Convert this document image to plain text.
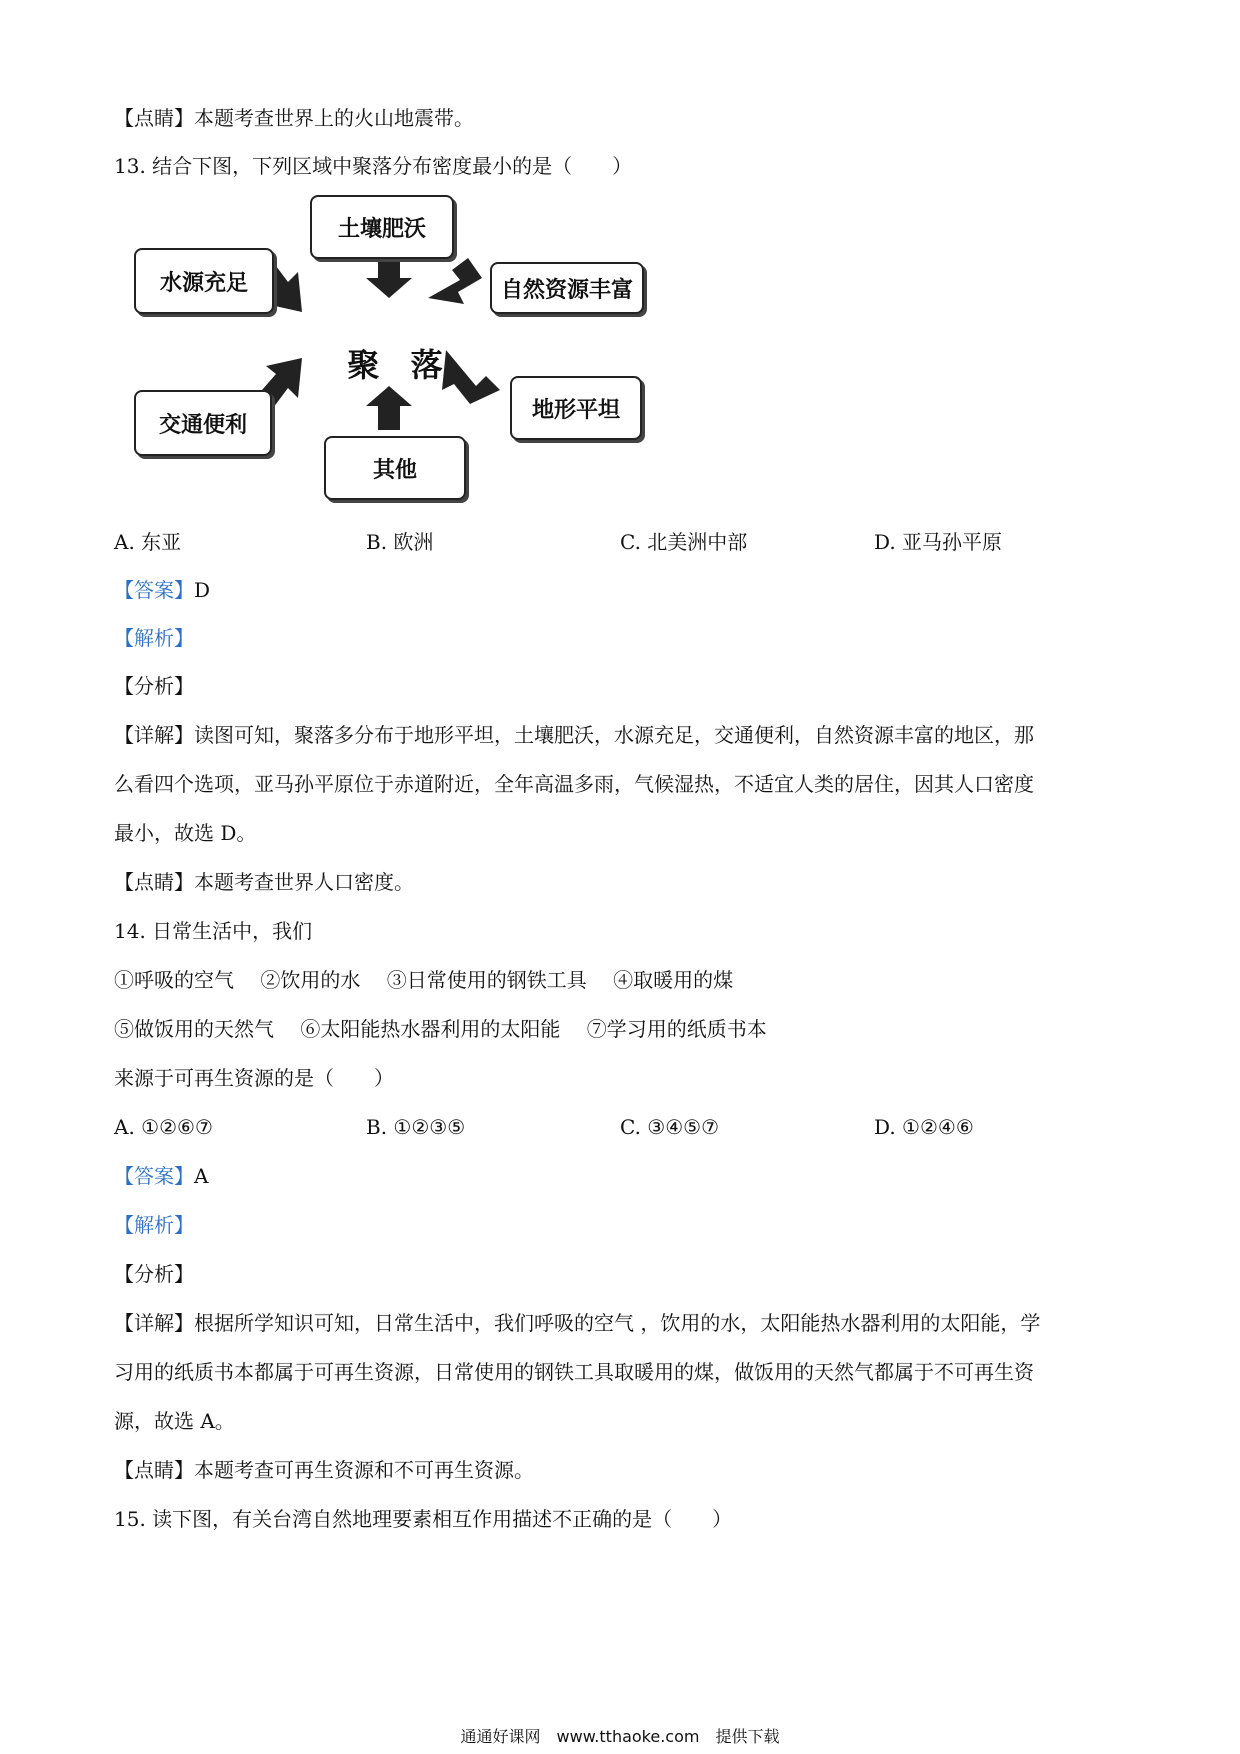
【点睛】本题考查世界上的火山地震带。
13. 结合下图，下列区域中聚落分布密度最小的是（　　）
土壤肥沃
水源充足	自然资源丰富
交通便利
地形平坦
其他
聚 落
A. 东亚	B. 欧洲	C. 北美洲中部	D. 亚马孙平原
【答案】D
【解析】
【分析】
【详解】读图可知，聚落多分布于地形平坦，土壤肥沃，水源充足，交通便利，自然资源丰富的地区，那
么看四个选项，亚马孙平原位于赤道附近，全年高温多雨，气候湿热，不适宜人类的居住，因其人口密度
最小，故选 D。
【点睛】本题考查世界人口密度。
14. 日常生活中，我们
①呼吸的空气　 ②饮用的水　 ③日常使用的钢铁工具　 ④取暖用的煤
⑤做饭用的天然气　 ⑥太阳能热水器利用的太阳能　 ⑦学习用的纸质书本
来源于可再生资源的是（　　）
A. ①②⑥⑦	B. ①②③⑤	C. ③④⑤⑦	D. ①②④⑥
【答案】A
【解析】
【分析】
【详解】根据所学知识可知，日常生活中，我们呼吸的空气 ，饮用的水，太阳能热水器利用的太阳能，学
习用的纸质书本都属于可再生资源，日常使用的钢铁工具取暖用的煤，做饭用的天然气都属于不可再生资
源，故选 A。
【点睛】本题考查可再生资源和不可再生资源。
15. 读下图，有关台湾自然地理要素相互作用描述不正确的是（　　）
通通好课网　www.tthaoke.com　提供下载
